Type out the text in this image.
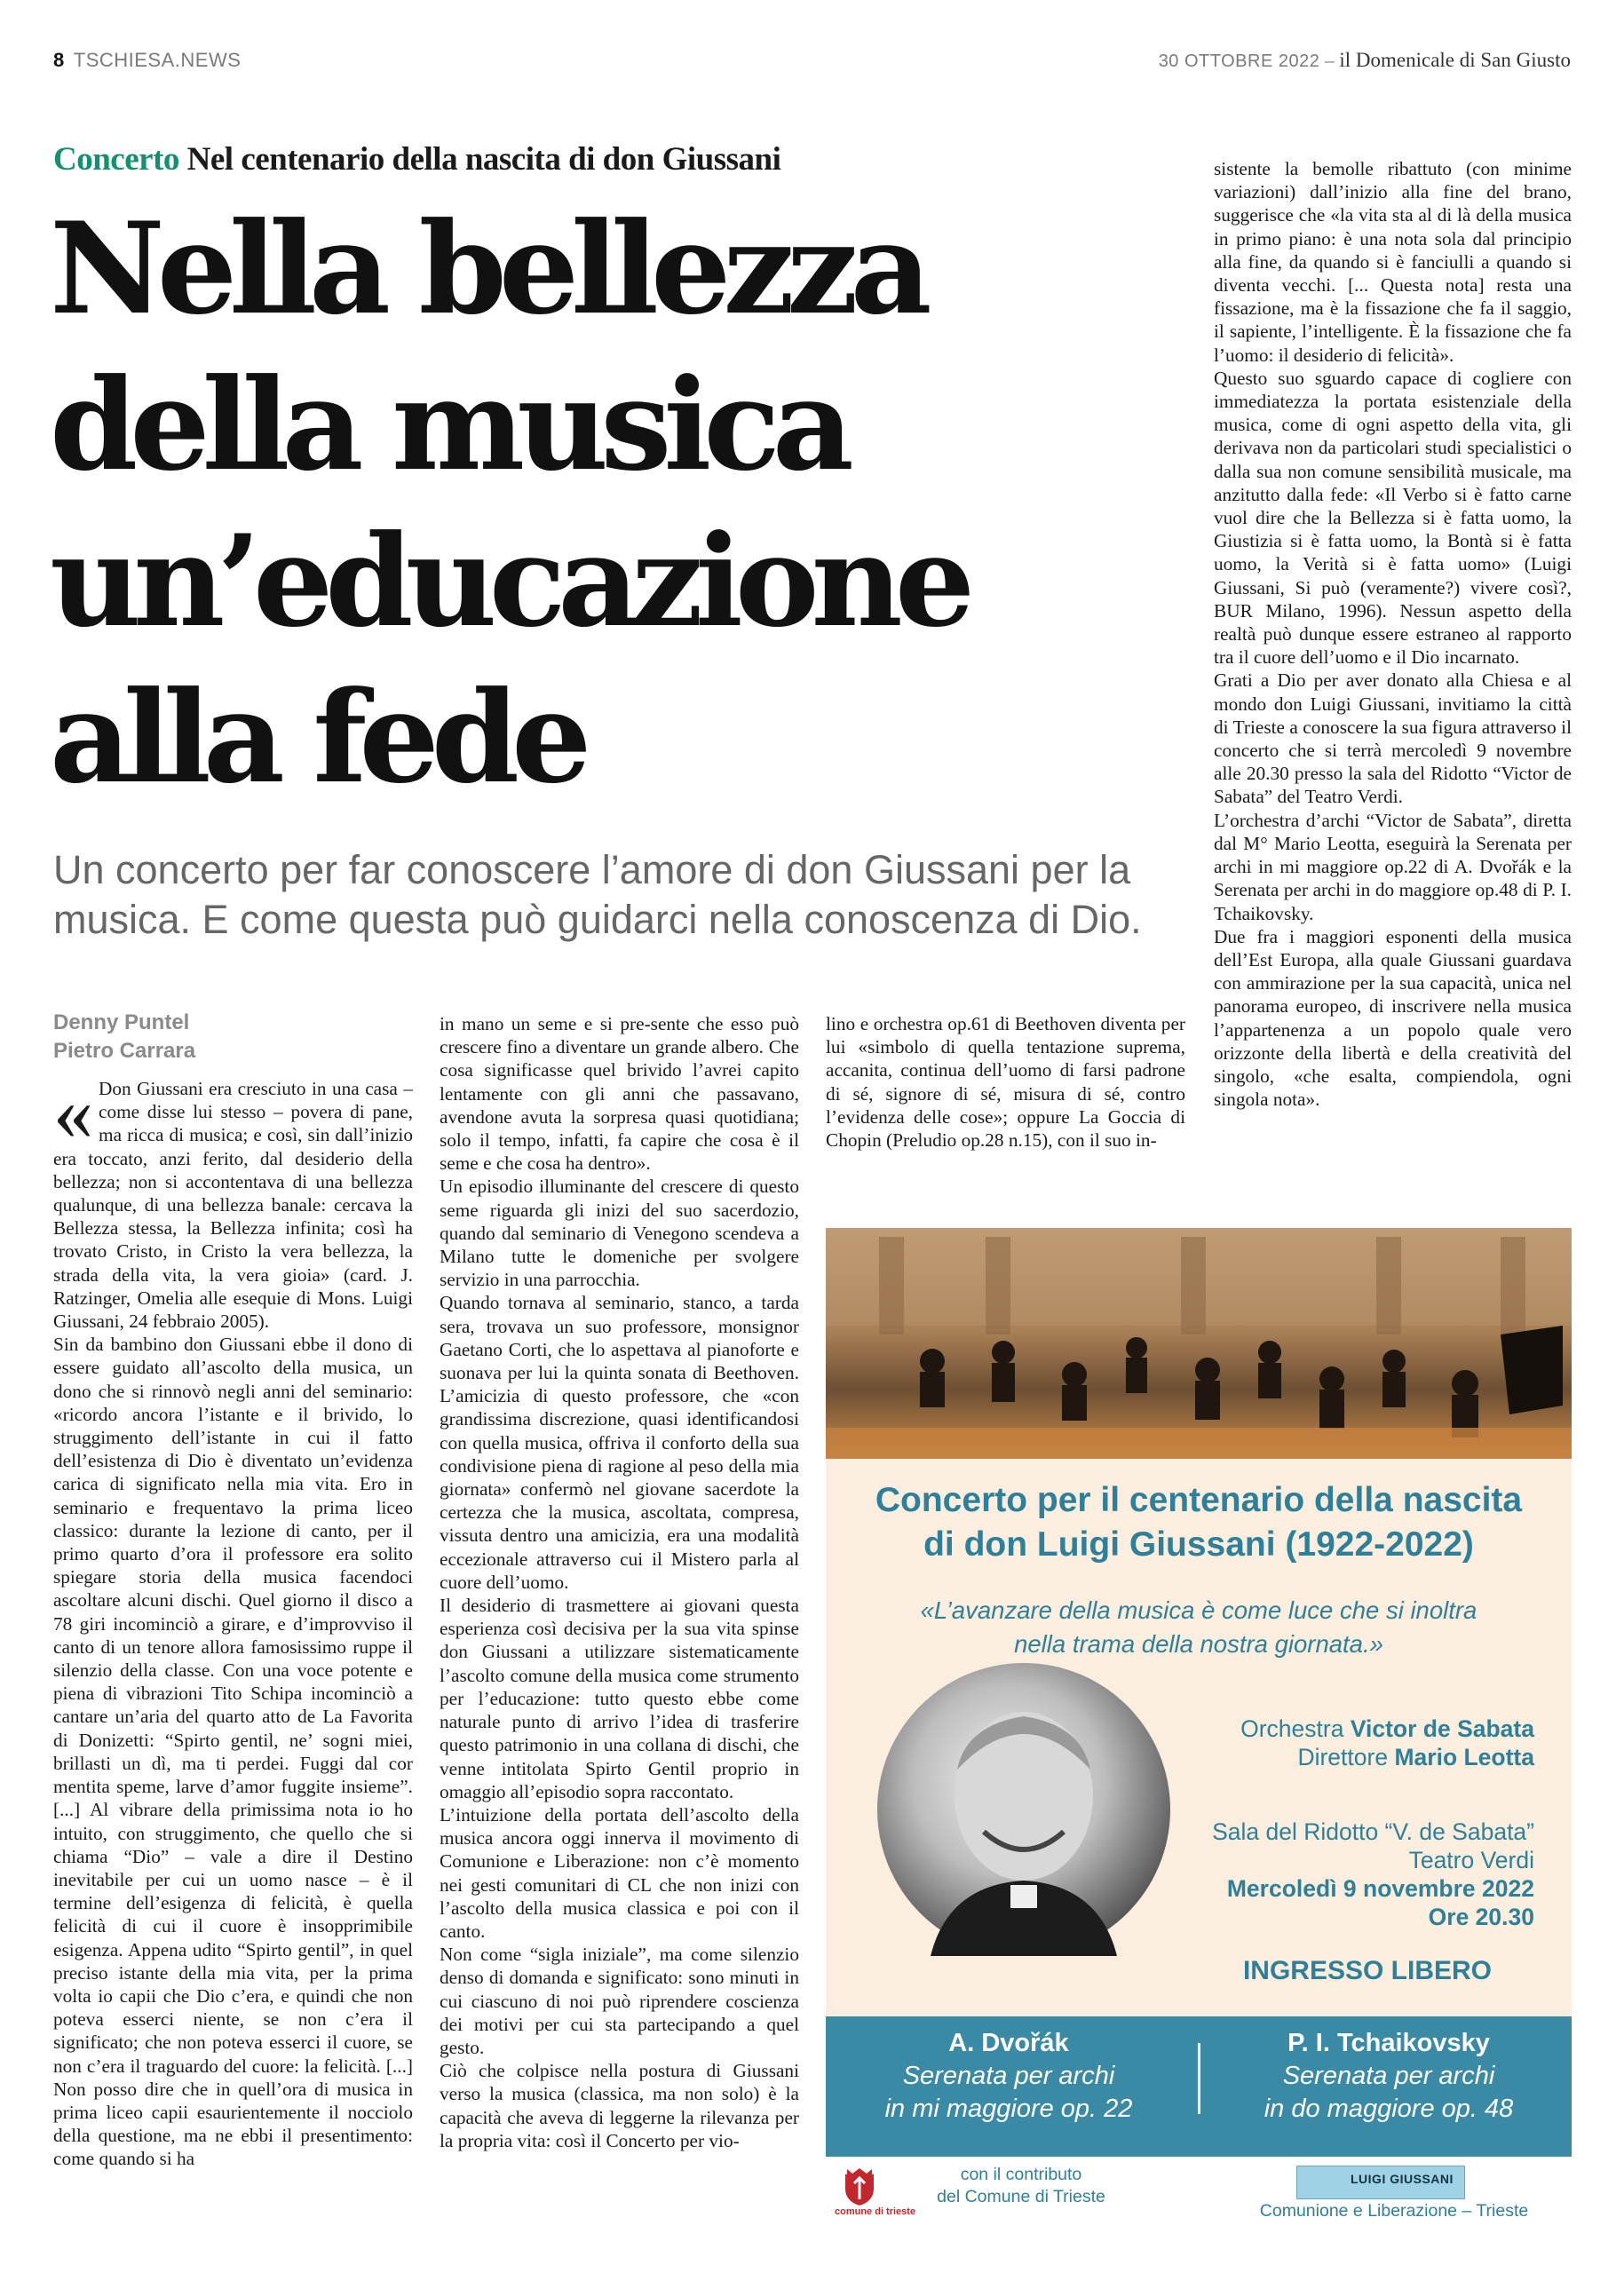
8 TSCHIESA.NEWS	30 OTTOBRE 2022 – il Domenicale di San Giusto
Concerto Nel centenario della nascita di don Giussani
Nella bellezza
della musica
un’educazione
alla fede
Un concerto per far conoscere l’amore di don Giussani per la musica. E come questa può guidarci nella conoscenza di Dio.
Denny Puntel
Pietro Carrara
« Don Giussani era cresciuto in una casa – come disse lui stesso – povera di pane, ma ricca di musica; e così, sin dall’inizio era toccato, anzi ferito, dal desiderio della bellezza; non si accontentava di una bellezza qualunque, di una bellezza banale: cercava la Bellezza stessa, la Bellezza infinita; così ha trovato Cristo, in Cristo la vera bellezza, la strada della vita, la vera gioia» (card. J. Ratzinger, Omelia alle esequie di Mons. Luigi Giussani, 24 febbraio 2005).

Sin da bambino don Giussani ebbe il dono di essere guidato all’ascolto della musica, un dono che si rinnovò negli anni del seminario: «ricordo ancora l’istante e il brivido, lo struggimento dell’istante in cui il fatto dell’esistenza di Dio è diventato un’evidenza carica di significato nella mia vita. Ero in seminario e frequentavo la prima liceo classico: durante la lezione di canto, per il primo quarto d’ora il professore era solito spiegare storia della musica facendoci ascoltare alcuni dischi. Quel giorno il disco a 78 giri incominciò a girare, e d’improvviso il canto di un tenore allora famosissimo ruppe il silenzio della classe. Con una voce potente e piena di vibrazioni Tito Schipa incominciò a cantare un’aria del quarto atto de La Favorita di Donizetti: “Spirto gentil, ne’ sogni miei, brillasti un dì, ma ti perdei. Fuggi dal cor mentita speme, larve d’amor fuggite insieme”. [...] Al vibrare della primissima nota io ho intuito, con struggimento, che quello che si chiama “Dio” – vale a dire il Destino inevitabile per cui un uomo nasce – è il termine dell’esigenza di felicità, è quella felicità di cui il cuore è insopprimibile esigenza. Appena udito “Spirto gentil”, in quel preciso istante della mia vita, per la prima volta io capii che Dio c’era, e quindi che non poteva esserci niente, se non c’era il significato; che non poteva esserci il cuore, se non c’era il traguardo del cuore: la felicità. [...] Non posso dire che in quell’ora di musica in prima liceo capii esaurientemente il nocciolo della questione, ma ne ebbi il presentimento: come quando si ha

in mano un seme e si pre-sente che esso può crescere fino a diventare un grande albero. Che cosa significasse quel brivido l’avrei capito lentamente con gli anni che passavano, avendone avuta la sorpresa quasi quotidiana; solo il tempo, infatti, fa capire che cosa è il seme e che cosa ha dentro».

Un episodio illuminante del crescere di questo seme riguarda gli inizi del suo sacerdozio, quando dal seminario di Venegono scendeva a Milano tutte le domeniche per svolgere servizio in una parrocchia.

Quando tornava al seminario, stanco, a tarda sera, trovava un suo professore, monsignor Gaetano Corti, che lo aspettava al pianoforte e suonava per lui la quinta sonata di Beethoven. L’amicizia di questo professore, che «con grandissima discrezione, quasi identificandosi con quella musica, offriva il conforto della sua condivisione piena di ragione al peso della mia giornata» confermò nel giovane sacerdote la certezza che la musica, ascoltata, compresa, vissuta dentro una amicizia, era una modalità eccezionale attraverso cui il Mistero parla al cuore dell’uomo.

Il desiderio di trasmettere ai giovani questa esperienza così decisiva per la sua vita spinse don Giussani a utilizzare sistematicamente l’ascolto comune della musica come strumento per l’educazione: tutto questo ebbe come naturale punto di arrivo l’idea di trasferire questo patrimonio in una collana di dischi, che venne intitolata Spirto Gentil proprio in omaggio all’episodio sopra raccontato.

L’intuizione della portata dell’ascolto della musica ancora oggi innerva il movimento di Comunione e Liberazione: non c’è momento nei gesti comunitari di CL che non inizi con l’ascolto della musica classica e poi con il canto.

Non come “sigla iniziale”, ma come silenzio denso di domanda e significato: sono minuti in cui ciascuno di noi può riprendere coscienza dei motivi per cui sta partecipando a quel gesto.

Ciò che colpisce nella postura di Giussani verso la musica (classica, ma non solo) è la capacità che aveva di leggerne la rilevanza per la propria vita: così il Concerto per vio-

lino e orchestra op.61 di Beethoven diventa per lui «simbolo di quella tentazione suprema, accanita, continua dell’uomo di farsi padrone di sé, signore di sé, misura di sé, contro l’evidenza delle cose»; oppure La Goccia di Chopin (Preludio op.28 n.15), con il suo in-

sistente la bemolle ribattuto (con minime variazioni) dall’inizio alla fine del brano, suggerisce che «la vita sta al di là della musica in primo piano: è una nota sola dal principio alla fine, da quando si è fanciulli a quando si diventa vecchi. [... Questa nota] resta una fissazione, ma è la fissazione che fa il saggio, il sapiente, l’intelligente. È la fissazione che fa l’uomo: il desiderio di felicità».

Questo suo sguardo capace di cogliere con immediatezza la portata esistenziale della musica, come di ogni aspetto della vita, gli derivava non da particolari studi specialistici o dalla sua non comune sensibilità musicale, ma anzitutto dalla fede: «Il Verbo si è fatto carne vuol dire che la Bellezza si è fatta uomo, la Giustizia si è fatta uomo, la Bontà si è fatta uomo, la Verità si è fatta uomo» (Luigi Giussani, Si può (veramente?) vivere così?, BUR Milano, 1996). Nessun aspetto della realtà può dunque essere estraneo al rapporto tra il cuore dell’uomo e il Dio incarnato.

Grati a Dio per aver donato alla Chiesa e al mondo don Luigi Giussani, invitiamo la città di Trieste a conoscere la sua figura attraverso il concerto che si terrà mercoledì 9 novembre alle 20.30 presso la sala del Ridotto “Victor de Sabata” del Teatro Verdi.

L’orchestra d’archi “Victor de Sabata”, diretta dal M° Mario Leotta, eseguirà la Serenata per archi in mi maggiore op.22 di A. Dvořák e la Serenata per archi in do maggiore op.48 di P. I. Tchaikovsky.

Due fra i maggiori esponenti della musica dell’Est Europa, alla quale Giussani guardava con ammirazione per la sua capacità, unica nel panorama europeo, di inscrivere nella musica l’appartenenza a un popolo quale vero orizzonte della libertà e della creatività del singolo, «che esalta, compiendola, ogni singola nota».

Concerto per il centenario della nascita
di don Luigi Giussani (1922-2022)
«L’avanzare della musica è come luce che si inoltra
nella trama della nostra giornata.»
Orchestra Victor de Sabata
Direttore Mario Leotta
Sala del Ridotto “V. de Sabata”
Teatro Verdi
Mercoledì 9 novembre 2022
Ore 20.30
INGRESSO LIBERO
A. Dvořák
Serenata per archi
in mi maggiore op. 22
P. I. Tchaikovsky
Serenata per archi
in do maggiore op. 48
comune di trieste
con il contributo
del Comune di Trieste
LUIGI GIUSSANI
Comunione e Liberazione – Trieste
